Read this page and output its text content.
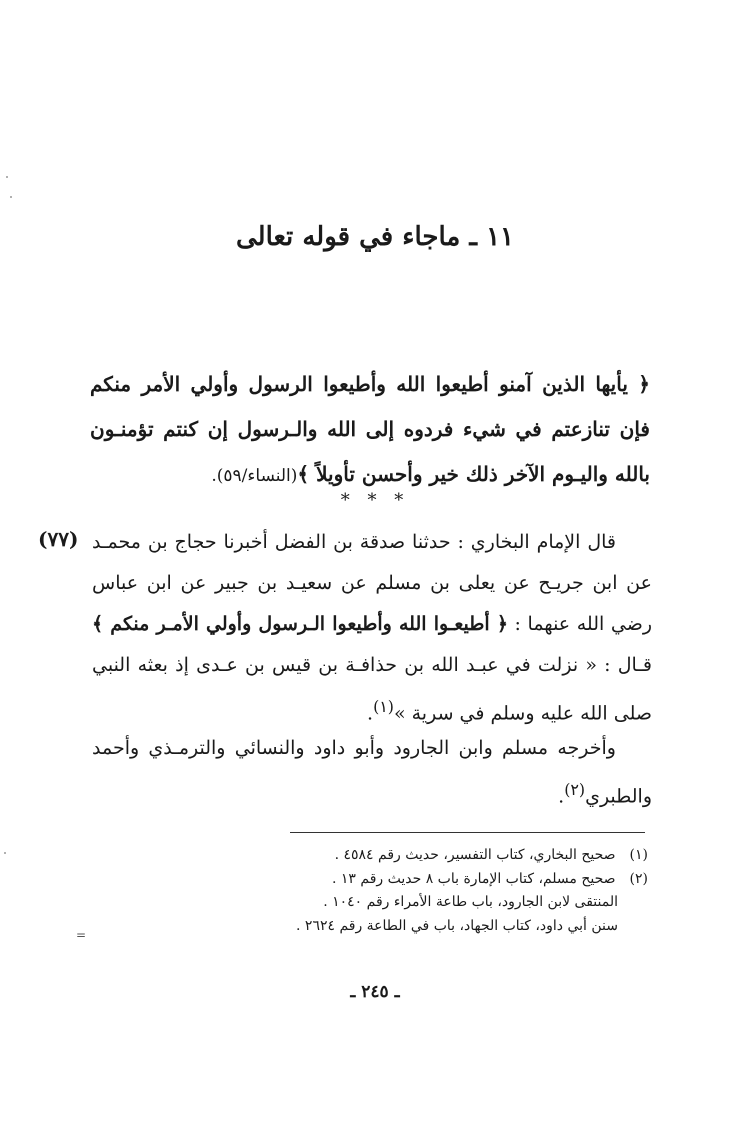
١١ ـ ماجاء في قوله تعالى

﴿ يأيها الذين آمنو أطيعوا الله وأطيعوا الرسول وأولي الأمر منكم فإن تنازعتم في شيء فردوه إلى الله والـرسول إن كنتم تؤمنـون بالله واليـوم الآخر ذلك خير وأحسن تأويلاً ﴾(النساء/٥٩).

* * *

(٧٧) قال الإمام البخاري : حدثنا صدقة بن الفضل أخبرنا حجاج بن محمـد عن ابن جريـح عن يعلى بن مسلم عن سعيـد بن جبير عن ابن عباس رضي الله عنهما : ﴿ أطيعـوا الله وأطيعوا الـرسول وأولي الأمـر منكم ﴾ قـال : « نزلت في عبـد الله بن حذافـة بن قيس بن عـدى إذ بعثه النبي صلى الله عليه وسلم في سرية »$^{(١)}$.

وأخرجه مسلم وابن الجارود وأبو داود والنسائي والترمـذي وأحمد والطبري$^{(٢)}$.

(١) صحيح البخاري، كتاب التفسير، حديث رقم ٤٥٨٤ .
(٢) صحيح مسلم، كتاب الإمارة باب ٨ حديث رقم ١٣ .
المنتقى لابن الجارود، باب طاعة الأمراء رقم ١٠٤٠ .
سنن أبي داود، كتاب الجهاد، باب في الطاعة رقم ٢٦٢٤ .

ـ ٢٤٥ ـ

=
